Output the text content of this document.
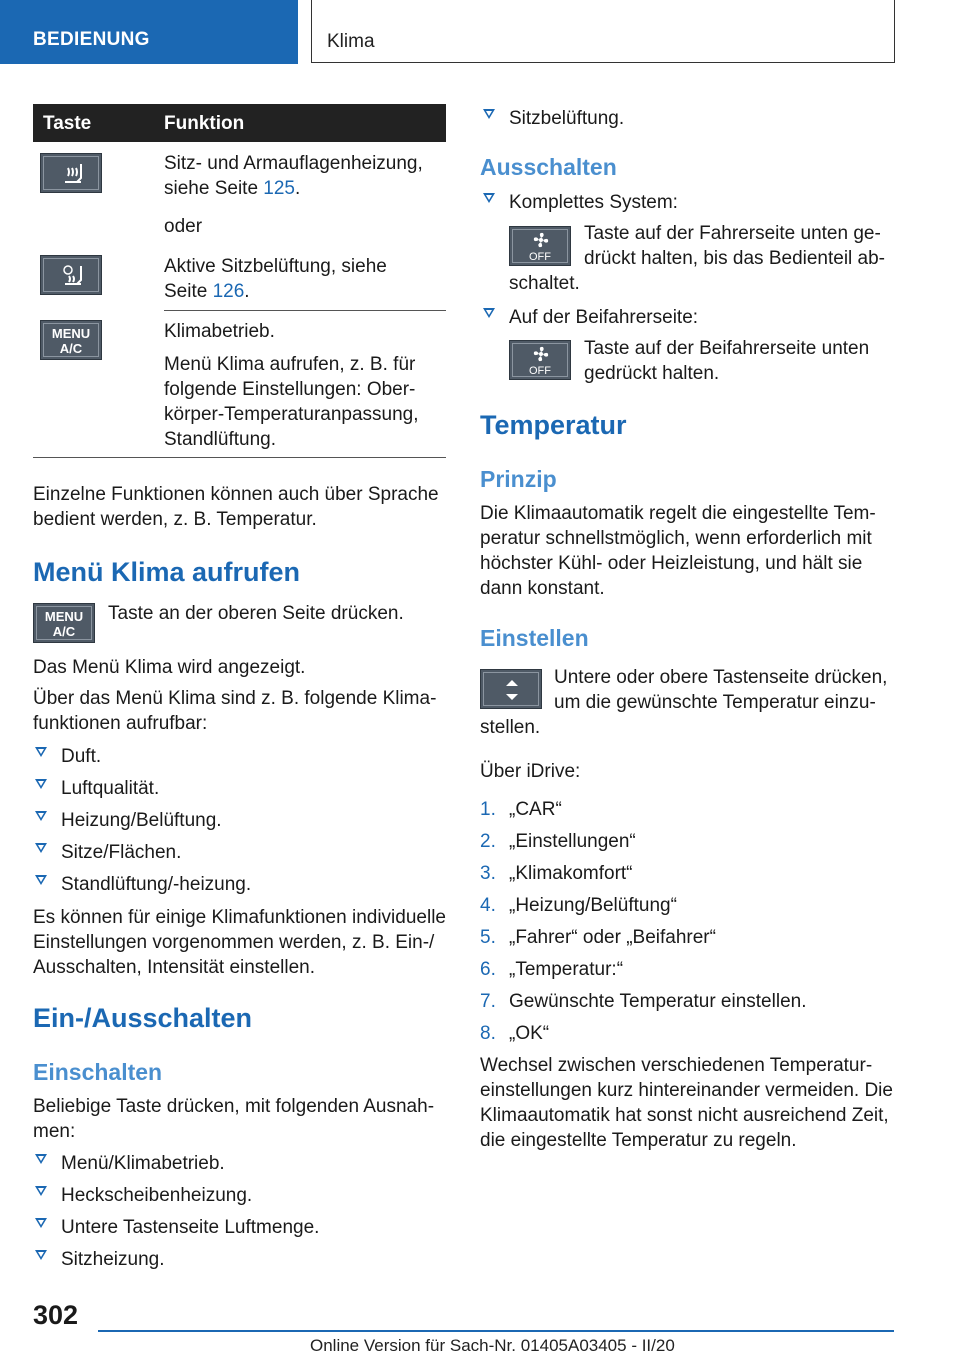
BEDIENUNG	Klima
Taste	Funktion
Sitz- und Armauflagenheizung,
siehe Seite 125.
oder
Aktive Sitzbelüftung, siehe
Seite 126.
MENU
A/C
Klimabetrieb.
Menü Klima aufrufen, z. B. für
folgende Einstellungen: Ober-
körper-Temperaturanpassung,
Standlüftung.
Einzelne Funktionen können auch über Sprache
bedient werden, z. B. Temperatur.
Menü Klima aufrufen
MENU
A/C
Taste an der oberen Seite drücken.
Das Menü Klima wird angezeigt.
Über das Menü Klima sind z. B. folgende Klima-
funktionen aufrufbar:
Duft.
Luftqualität.
Heizung/Belüftung.
Sitze/Flächen.
Standlüftung/-heizung.
Es können für einige Klimafunktionen individuelle
Einstellungen vorgenommen werden, z. B. Ein-/
Ausschalten, Intensität einstellen.
Ein-/Ausschalten
Einschalten
Beliebige Taste drücken, mit folgenden Ausnah-
men:
Menü/Klimabetrieb.
Heckscheibenheizung.
Untere Tastenseite Luftmenge.
Sitzheizung.
Sitzbelüftung.
Ausschalten
Komplettes System:
OFF
Taste auf der Fahrerseite unten ge-
drückt halten, bis das Bedienteil ab-
schaltet.
Auf der Beifahrerseite:
OFF
Taste auf der Beifahrerseite unten
gedrückt halten.
Temperatur
Prinzip
Die Klimaautomatik regelt die eingestellte Tem-
peratur schnellstmöglich, wenn erforderlich mit
höchster Kühl- oder Heizleistung, und hält sie
dann konstant.
Einstellen
Untere oder obere Tastenseite drücken,
um die gewünschte Temperatur einzu-
stellen.
Über iDrive:
1. „CAR“
2. „Einstellungen“
3. „Klimakomfort“
4. „Heizung/Belüftung“
5. „Fahrer“ oder „Beifahrer“
6. „Temperatur:“
7. Gewünschte Temperatur einstellen.
8. „OK“
Wechsel zwischen verschiedenen Temperatur-
einstellungen kurz hintereinander vermeiden. Die
Klimaautomatik hat sonst nicht ausreichend Zeit,
die eingestellte Temperatur zu regeln.
302
Online Version für Sach-Nr. 01405A03405 - II/20
